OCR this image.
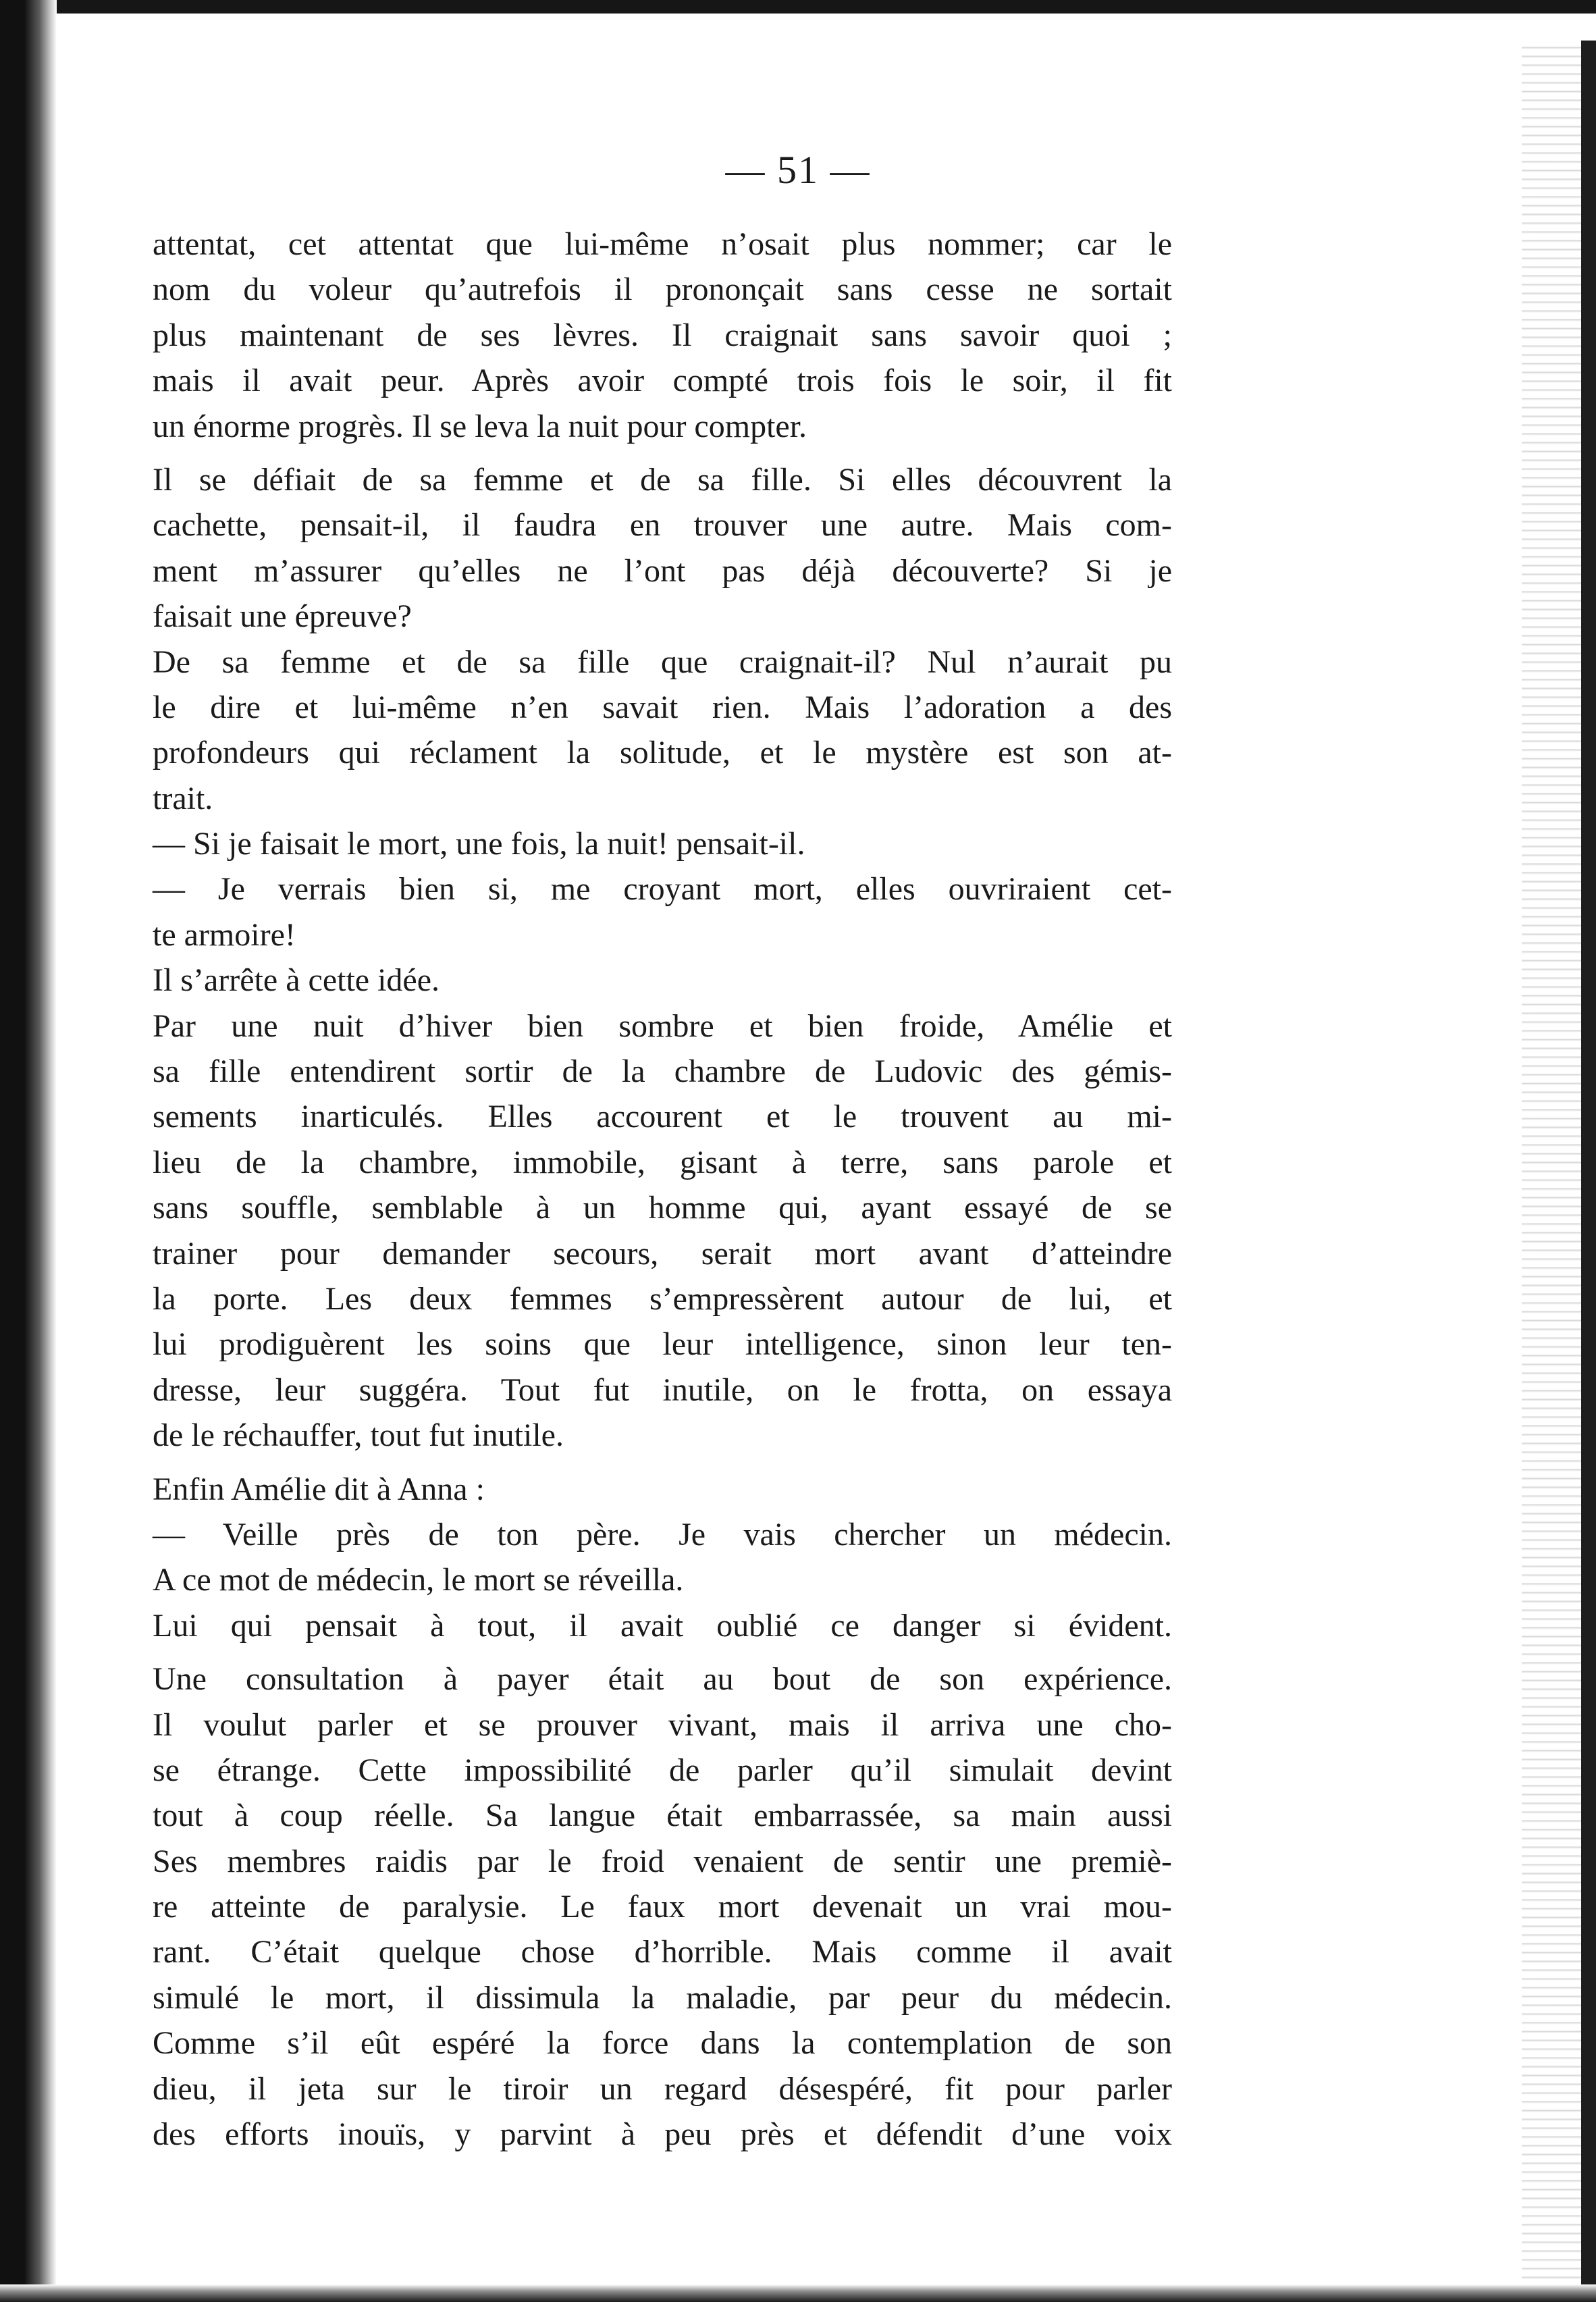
— 51 —
attentat, cet attentat que lui-même n’osait plus nommer; car le
nom du voleur qu’autrefois il prononçait sans cesse ne sortait
plus maintenant de ses lèvres. Il craignait sans savoir quoi ;
mais il avait peur. Après avoir compté trois fois le soir, il fit
un énorme progrès. Il se leva la nuit pour compter.
Il se défiait de sa femme et de sa fille. Si elles découvrent la
cachette, pensait-il, il faudra en trouver une autre. Mais com-
ment m’assurer qu’elles ne l’ont pas déjà découverte? Si je
faisait une épreuve?
De sa femme et de sa fille que craignait-il? Nul n’aurait pu
le dire et lui-même n’en savait rien. Mais l’adoration a des
profondeurs qui réclament la solitude, et le mystère est son at-
trait.
— Si je faisait le mort, une fois, la nuit! pensait-il.
— Je verrais bien si, me croyant mort, elles ouvriraient cet-
te armoire!
Il s’arrête à cette idée.
Par une nuit d’hiver bien sombre et bien froide, Amélie et
sa fille entendirent sortir de la chambre de Ludovic des gémis-
sements inarticulés. Elles accourent et le trouvent au mi-
lieu de la chambre, immobile, gisant à terre, sans parole et
sans souffle, semblable à un homme qui, ayant essayé de se
trainer pour demander secours, serait mort avant d’atteindre
la porte. Les deux femmes s’empressèrent autour de lui, et
lui prodiguèrent les soins que leur intelligence, sinon leur ten-
dresse, leur suggéra. Tout fut inutile, on le frotta, on essaya
de le réchauffer, tout fut inutile.
Enfin Amélie dit à Anna :
— Veille près de ton père. Je vais chercher un médecin.
A ce mot de médecin, le mort se réveilla.
Lui qui pensait à tout, il avait oublié ce danger si évident.
Une consultation à payer était au bout de son expérience.
Il voulut parler et se prouver vivant, mais il arriva une cho-
se étrange. Cette impossibilité de parler qu’il simulait devint
tout à coup réelle. Sa langue était embarrassée, sa main aussi
Ses membres raidis par le froid venaient de sentir une premiè-
re atteinte de paralysie. Le faux mort devenait un vrai mou-
rant. C’était quelque chose d’horrible. Mais comme il avait
simulé le mort, il dissimula la maladie, par peur du médecin.
Comme s’il eût espéré la force dans la contemplation de son
dieu, il jeta sur le tiroir un regard désespéré, fit pour parler
des efforts inouïs, y parvint à peu près et défendit d’une voix
